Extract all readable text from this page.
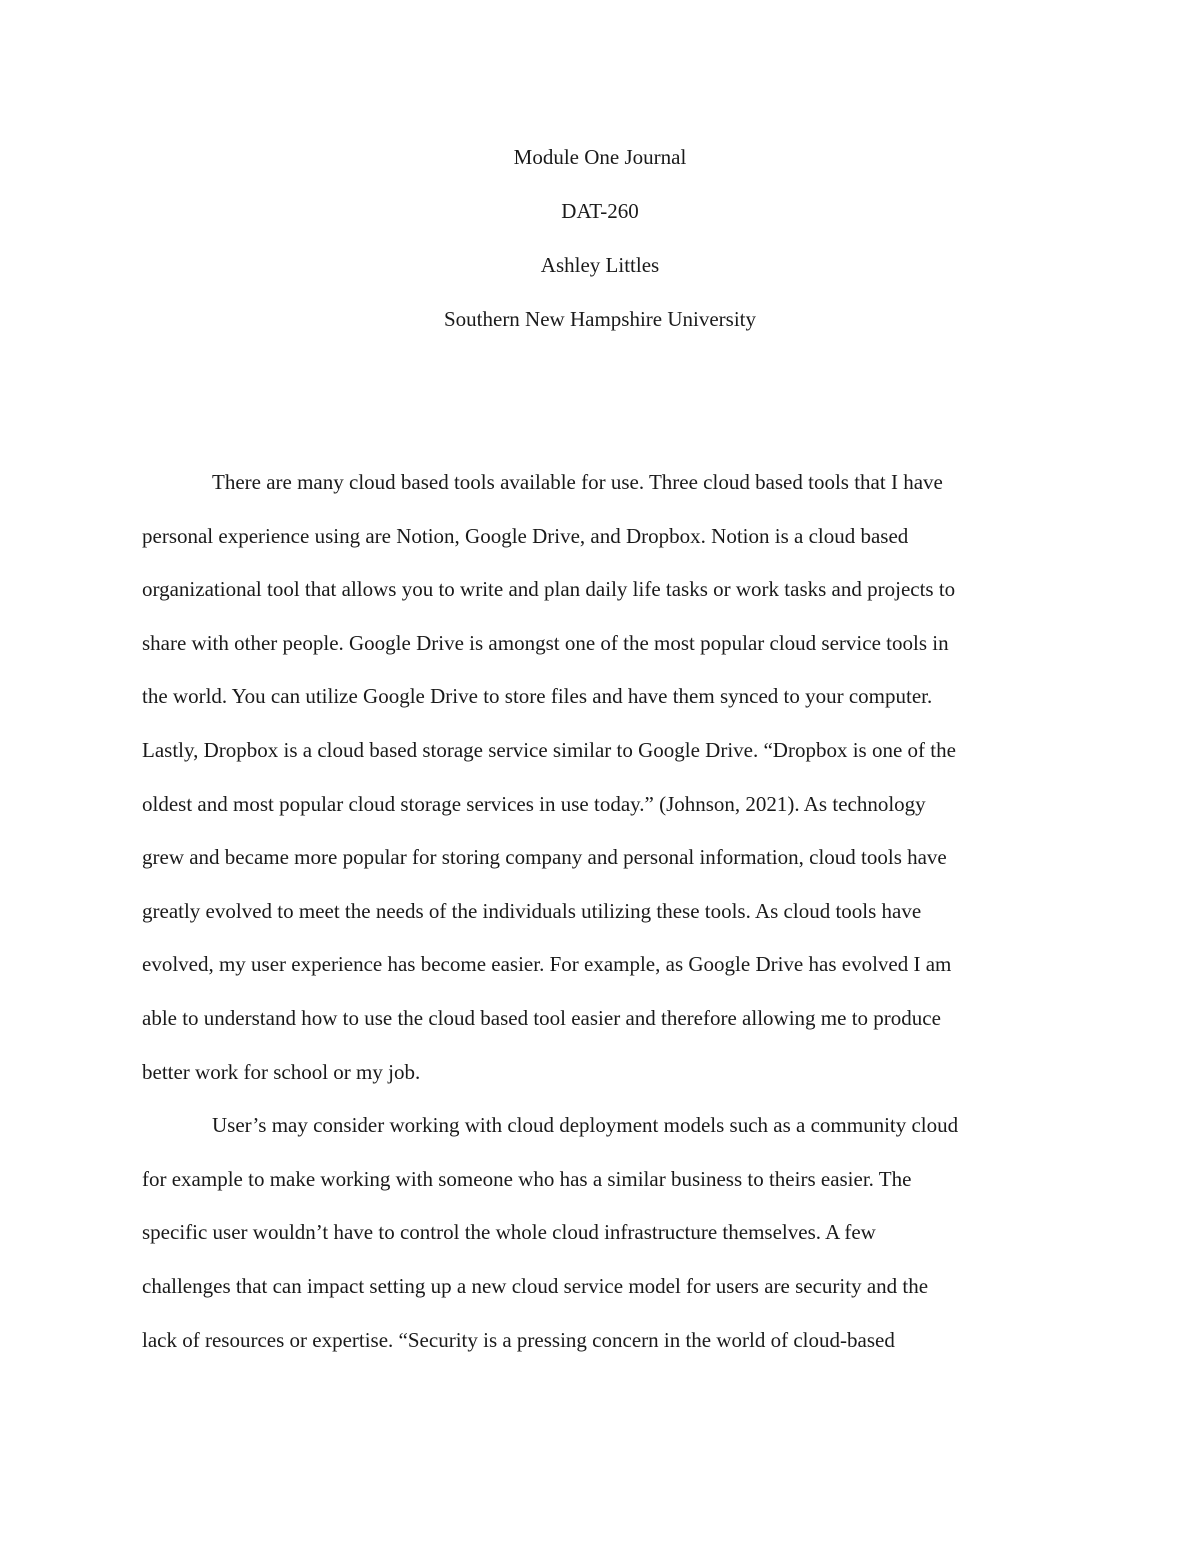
Module One Journal
DAT-260
Ashley Littles
Southern New Hampshire University
There are many cloud based tools available for use. Three cloud based tools that I have
personal experience using are Notion, Google Drive, and Dropbox. Notion is a cloud based
organizational tool that allows you to write and plan daily life tasks or work tasks and projects to
share with other people. Google Drive is amongst one of the most popular cloud service tools in
the world. You can utilize Google Drive to store files and have them synced to your computer.
Lastly, Dropbox is a cloud based storage service similar to Google Drive. “Dropbox is one of the
oldest and most popular cloud storage services in use today.” (Johnson, 2021). As technology
grew and became more popular for storing company and personal information, cloud tools have
greatly evolved to meet the needs of the individuals utilizing these tools. As cloud tools have
evolved, my user experience has become easier. For example, as Google Drive has evolved I am
able to understand how to use the cloud based tool easier and therefore allowing me to produce
better work for school or my job.
User’s may consider working with cloud deployment models such as a community cloud
for example to make working with someone who has a similar business to theirs easier. The
specific user wouldn’t have to control the whole cloud infrastructure themselves. A few
challenges that can impact setting up a new cloud service model for users are security and the
lack of resources or expertise. “Security is a pressing concern in the world of cloud-based
